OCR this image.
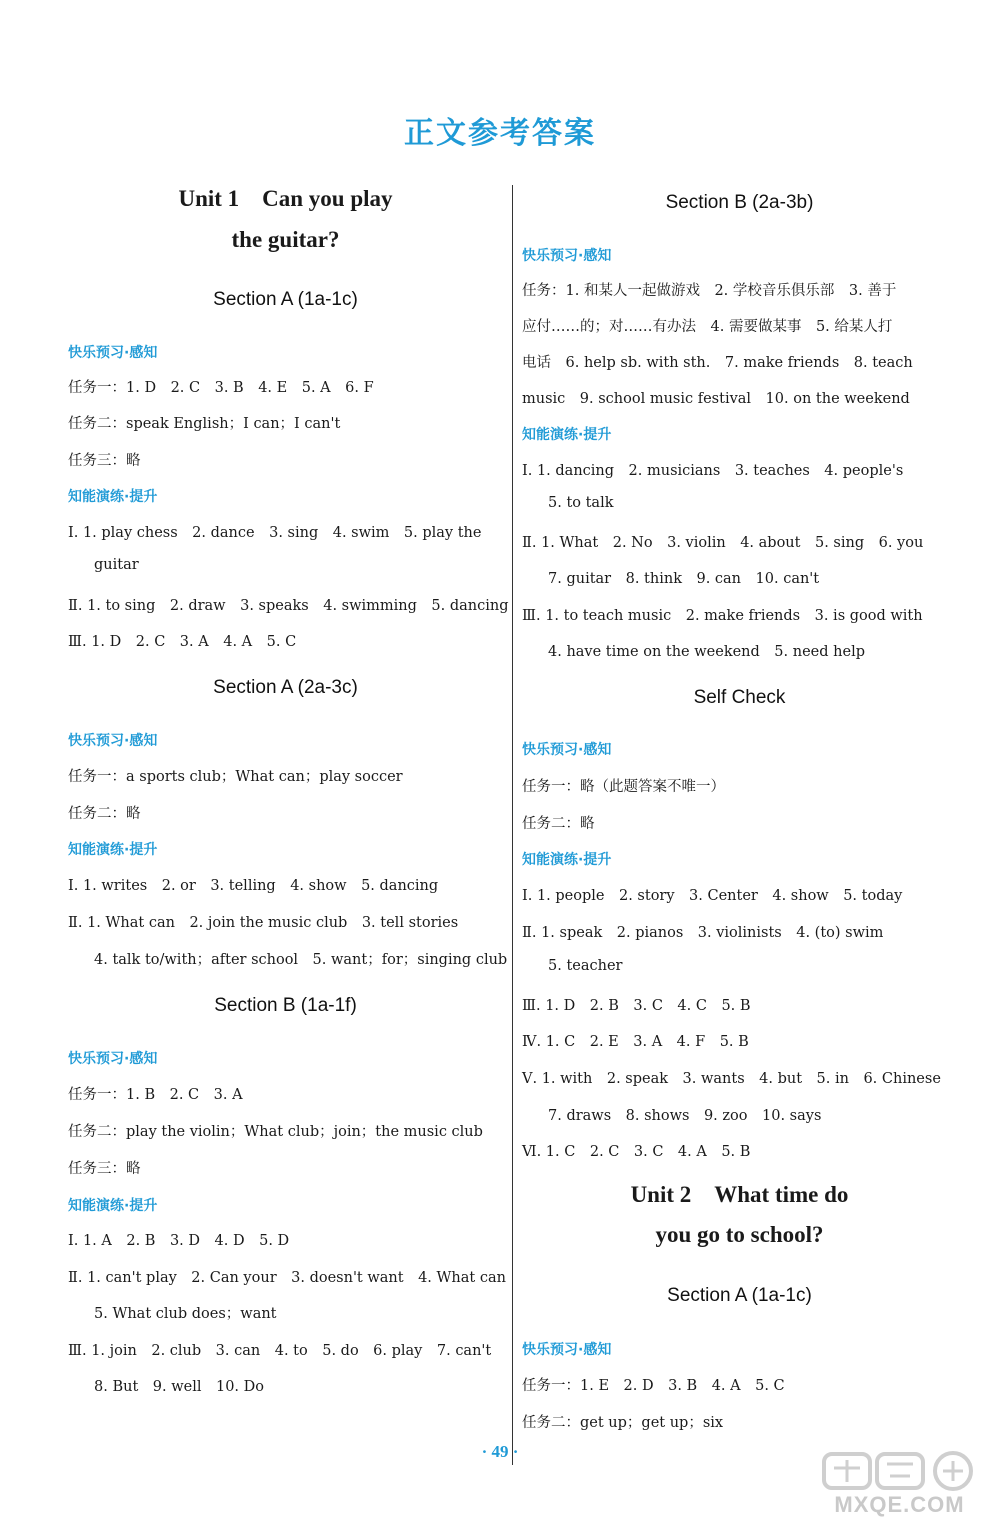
正文参考答案
Unit 1　Can you play
the guitar?
Section A (1a-1c)
快乐预习·感知
任务一：1. D　2. C　3. B　4. E　5. A　6. F
任务二：speak English；I can；I can't
任务三：略
知能演练·提升
Ⅰ. 1. play chess　2. dance　3. sing　4. swim　5. play the
guitar
Ⅱ. 1. to sing　2. draw　3. speaks　4. swimming　5. dancing
Ⅲ. 1. D　2. C　3. A　4. A　5. C
Section A (2a-3c)
快乐预习·感知
任务一：a sports club；What can；play soccer
任务二：略
知能演练·提升
Ⅰ. 1. writes　2. or　3. telling　4. show　5. dancing
Ⅱ. 1. What can　2. join the music club　3. tell stories
4. talk to/with；after school　5. want；for；singing club
Section B (1a-1f)
快乐预习·感知
任务一：1. B　2. C　3. A
任务二：play the violin；What club；join；the music club
任务三：略
知能演练·提升
Ⅰ. 1. A　2. B　3. D　4. D　5. D
Ⅱ. 1. can't play　2. Can your　3. doesn't want　4. What can
5. What club does；want
Ⅲ. 1. join　2. club　3. can　4. to　5. do　6. play　7. can't
8. But　9. well　10. Do
Section B (2a-3b)
快乐预习·感知
任务：1. 和某人一起做游戏　2. 学校音乐俱乐部　3. 善于
应付……的；对……有办法　4. 需要做某事　5. 给某人打
电话　6. help sb. with sth.　7. make friends　8. teach
music　9. school music festival　10. on the weekend
知能演练·提升
Ⅰ. 1. dancing　2. musicians　3. teaches　4. people's
5. to talk
Ⅱ. 1. What　2. No　3. violin　4. about　5. sing　6. you
7. guitar　8. think　9. can　10. can't
Ⅲ. 1. to teach music　2. make friends　3. is good with
4. have time on the weekend　5. need help
Self Check
快乐预习·感知
任务一：略（此题答案不唯一）
任务二：略
知能演练·提升
Ⅰ. 1. people　2. story　3. Center　4. show　5. today
Ⅱ. 1. speak　2. pianos　3. violinists　4. (to) swim
5. teacher
Ⅲ. 1. D　2. B　3. C　4. C　5. B
Ⅳ. 1. C　2. E　3. A　4. F　5. B
Ⅴ. 1. with　2. speak　3. wants　4. but　5. in　6. Chinese
7. draws　8. shows　9. zoo　10. says
Ⅵ. 1. C　2. C　3. C　4. A　5. B
Unit 2　What time do
you go to school?
Section A (1a-1c)
快乐预习·感知
任务一：1. E　2. D　3. B　4. A　5. C
任务二：get up；get up；six
· 49 ·
MXQE.COM
